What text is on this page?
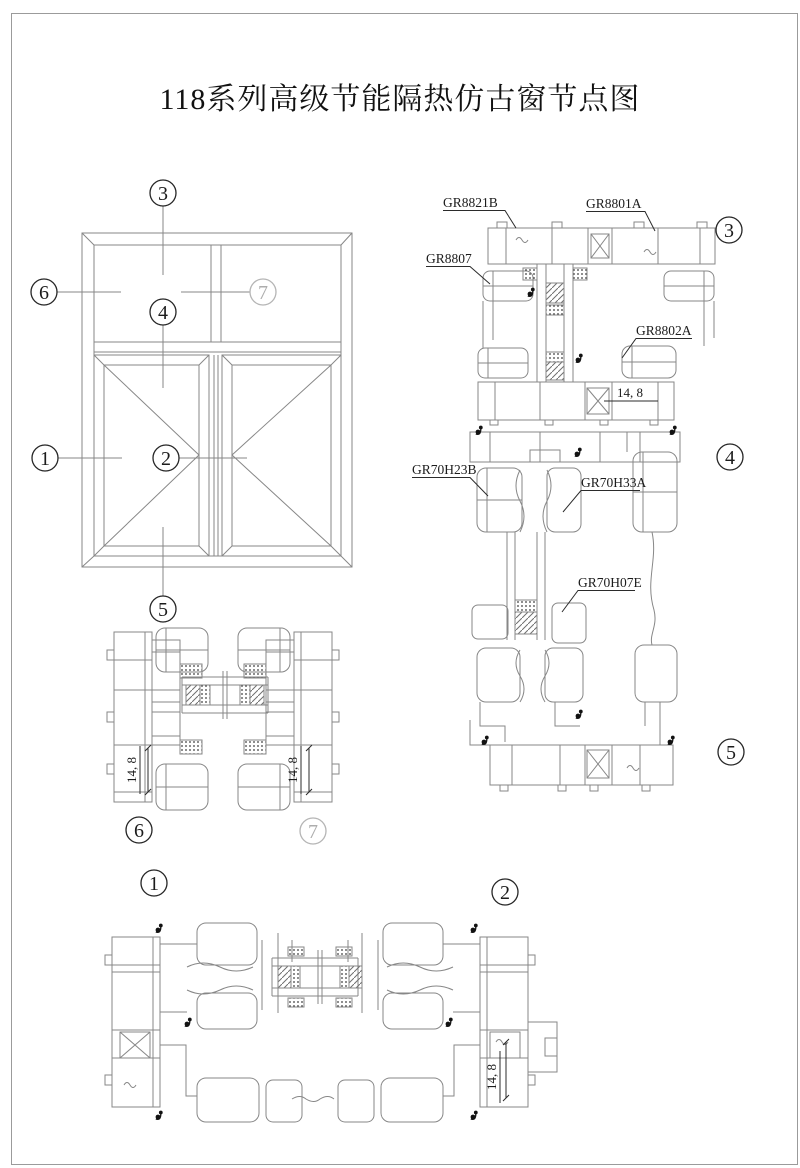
118系列高级节能隔热仿古窗节点图
3
6	7
4
1	2
5
GR8821B	GR8801A
GR8807
GR8802A
GR70H23B
GR70H33A
GR70H07E
14, 8
14, 8	14, 8
14, 8
3
4
5
6	7
1	2
